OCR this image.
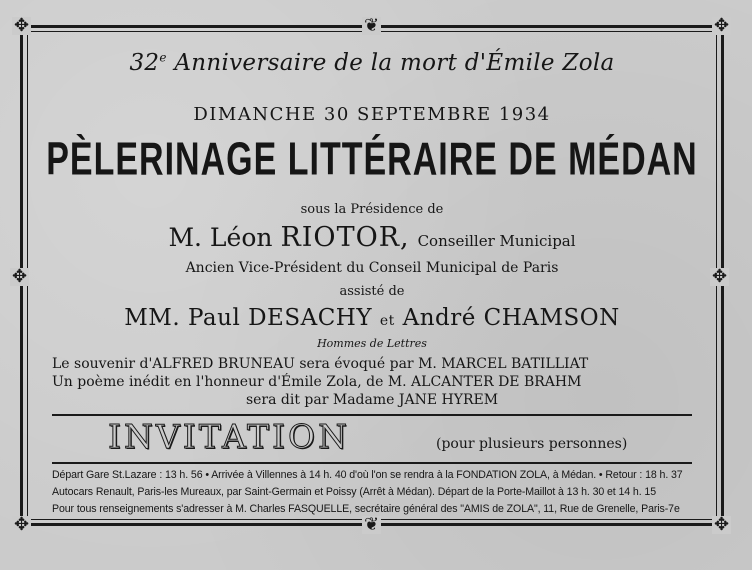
✥	✥
✥	✥
❦
❦
✥	✥
32e Anniversaire de la mort d'Émile Zola
DIMANCHE 30 SEPTEMBRE 1934
PÈLERINAGE LITTÉRAIRE DE MÉDAN
sous la Présidence de
M. Léon RIOTOR, Conseiller Municipal
Ancien Vice-Président du Conseil Municipal de Paris
assisté de
MM. Paul DESACHY et André CHAMSON
Hommes de Lettres
Le souvenir d'ALFRED BRUNEAU sera évoqué par M. MARCEL BATILLIAT
Un poème inédit en l'honneur d'Émile Zola, de M. ALCANTER DE BRAHM
sera dit par Madame JANE HYREM
INVITATION	(pour plusieurs personnes)
Départ Gare St.Lazare : 13 h. 56 • Arrivée à Villennes à 14 h. 40 d'où l'on se rendra à la FONDATION ZOLA, à Médan. • Retour : 18 h. 37
Autocars Renault, Paris-les Mureaux, par Saint-Germain et Poissy (Arrêt à Médan). Départ de la Porte-Maillot à 13 h. 30 et 14 h. 15
Pour tous renseignements s'adresser à M. Charles FASQUELLE, secrétaire général des "AMIS de ZOLA", 11, Rue de Grenelle, Paris-7e
